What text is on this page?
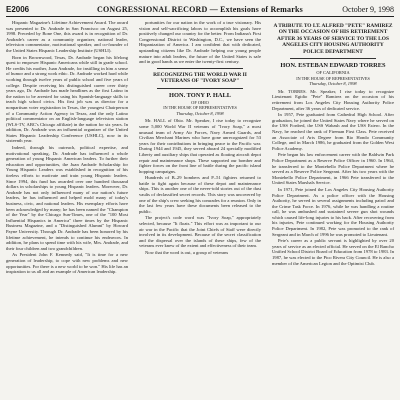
E2006	CONGRESSIONAL RECORD — Extensions of Remarks	October 9, 1998

Hispanic Magazine's Lifetime Achievement Award. The award was presented to Dr. Andrade in San Francisco on August 25, 1998. Preceded by Bone One, this award is in recognition of Dr. Andrade's career as a community organizer, national leader, television commentator, motivational speaker, and co-founder of the United States Hispanic Leadership Institute (USHLI).

Born in Brownwood, Texas, Dr. Andrade began his lifelong quest to empower Hispanic Americans while still in grade school. He credits his mother, Juan Andrade, for instilling in him a sense of humor and a strong work ethic. Dr. Andrade worked hard while working through twelve years of public school and five years of college. Despite receiving his distinguished career over thirty years ago, Dr. Andrade has made headlines as the first Latino in the nation to be arrested for using his Spanish-language skills to teach high school civics. His first job was as director for a nonpartisan voter registration in Texas, the youngest Chairperson of a Community Action Agency in Texas, and the only Latino political commentator on an English-language television station (WLS-TV, ABC's Chicago affiliate) in the nation for six years. In addition, Dr. Andrade was an influential organizer of the United States Hispanic Leadership Conference (USHLC), now in its sixteenth year.

Indeed, through his outreach, political expertise, and motivational speaking, Dr. Andrade has influenced a whole generation of young Hispanic American leaders. To further their education and opportunities, the Juan Andrade Scholarship for Young Hispanic Leaders was established in recognition of his tireless efforts to motivate and train young Hispanic leaders. Since 1994, this fund has awarded over one hundred thousand dollars in scholarships to young Hispanic leaders. Moreover, Dr. Andrade has not only influenced many of our nation's future leaders, he has influenced and helped mold many of today's business, civic, and national leaders. His exemplary efforts have been acknowledged by many; he has been named the "Champion of the Year" by the Chicago Sun-Times, one of the "100 Most Influential Hispanics in America" three times by the Hispanic Business Magazine, and a "Distinguished Alumni" by Howard Payne University. Through Dr. Andrade has been honored by his lifetime achievement, he intends to continue his endeavors. In addition, he plans to spend time with his wife, Mrs. Andrade, and their four children and two grandchildren.

As President John F. Kennedy said, "It is time for a new generation of leadership, to cope with new problems and new opportunities. For there is a new world to be won." His life has an inspiration to us all and an example of American leadership.

portunities for our nation in the work of a true visionary. His vision and self-sacrificing labors to accomplish his goals have positively changed our country for the better. From Indiana's First Congressional District to Washington, D.C., we have seen the Hispanization of America. I am confident that with dedicated, upstanding citizens like Dr. Andrade helping our young people mature into adult leaders, the future of the United States is safe and in good hands as we enter the twenty-first century.

RECOGNIZING THE WORLD WAR II VETERANS OF "IVORY SOAP"
HON. TONY P. HALL
OF OHIO
IN THE HOUSE OF REPRESENTATIVES
Thursday, October 8, 1998

Mr. HALL of Ohio. Mr. Speaker, I rise today to recognize some 5,000 World War II veterans of "Ivory Soap," a most unusual team of Army Air Forces, Navy Armed Guards, and Civilian Merchant Marines who have gone unrecognized for 53 years for their contributions in bringing peace to the Pacific war. During 1944 and 1945, they served aboard 24 specially modified Liberty and auxiliary ships that operated as floating aircraft depot repair and maintenance shops. These supported our bomber and fighter forces on the front line of battle during the pacific island hopping campaigns.

Hundreds of B–29 bombers and P–51 fighters returned to battle to fight again because of these depot and maintenance ships. This is another one of the never-told stories out of the dust vaults of declassified secret records. This story was uncovered by one of the ship's crew seeking his comrades for a reunion. Only in the last few years have these documents been released to the public.

The project's code word was "Ivory Soap," appropriately selected, because "It floats." This effort was as important to our air war in the Pacific that the Joint Chiefs of Staff were directly involved in its development. Because of the secret classification and the dispersal over the islands of these ships, few of the veterans ever knew of the extent and effectiveness of their team.

Now that the word is out, a group of veterans

A TRIBUTE TO LT. ALFRED "PETE" RAMIREZ ON THE OCCASION OF HIS RETIREMENT AFTER 36 YEARS OF SERVICE TO THE LOS ANGELES CITY HOUSING AUTHORITY POLICE DEPARTMENT
HON. ESTEBAN EDWARD TORRES
OF CALIFORNIA
IN THE HOUSE OF REPRESENTATIVES
Thursday, October 8, 1998

Mr. TORRES. Mr. Speaker, I rise today to recognize Lieutenant Egidio "Pete" Ramirez on the occasion of his retirement from Los Angeles City Housing Authority Police Department, after 36 years of dedicated service.

In 1957, Pete graduated from Cathedral High School. After graduation, he joined the United States Navy where he served on the USS Fordred, the USS Wabash and the USS Estero. In the Navy, he reached the rank of Fireman First Class. Pete received an Associate of Arts Degree from Rio Hondo Community College, and in March 1986, he graduated from the Golden West Police Academy.

Pete began his law enforcement career with the Baldwin Park Police Department as a Reserve Police Officer in 1960. In 1964, he transferred to the Montebello Police Department where he served as a Reserve Police Sergeant. After his two years with the Montebello Police Department, in 1966 Pete transferred to the United States Marshals Service.

In 1971, Pete joined the Los Angeles City Housing Authority Police Department. As a police officer with the Housing Authority, he served in several assignments including patrol and the Crime Task Force. In 1976, while he was handling a routine call, he was ambushed and sustained severe gun shot wounds which caused life-long injuries to his back. After recovering from his injuries, Pete continued working for the Housing Authority Police Department. In 1982, Pete was promoted to the rank of Sergeant and in March of 1996 he was promoted to Lieutenant.

Pete's career as a public servant is highlighted by over 20 years of service as an elected official. He served on the El Rancho Unified School District Board of Education from 1978 to 1983. In 1987, he was elected to the Pico Rivera City Council. He is also a member of the American Legion and the Optimist Club.
